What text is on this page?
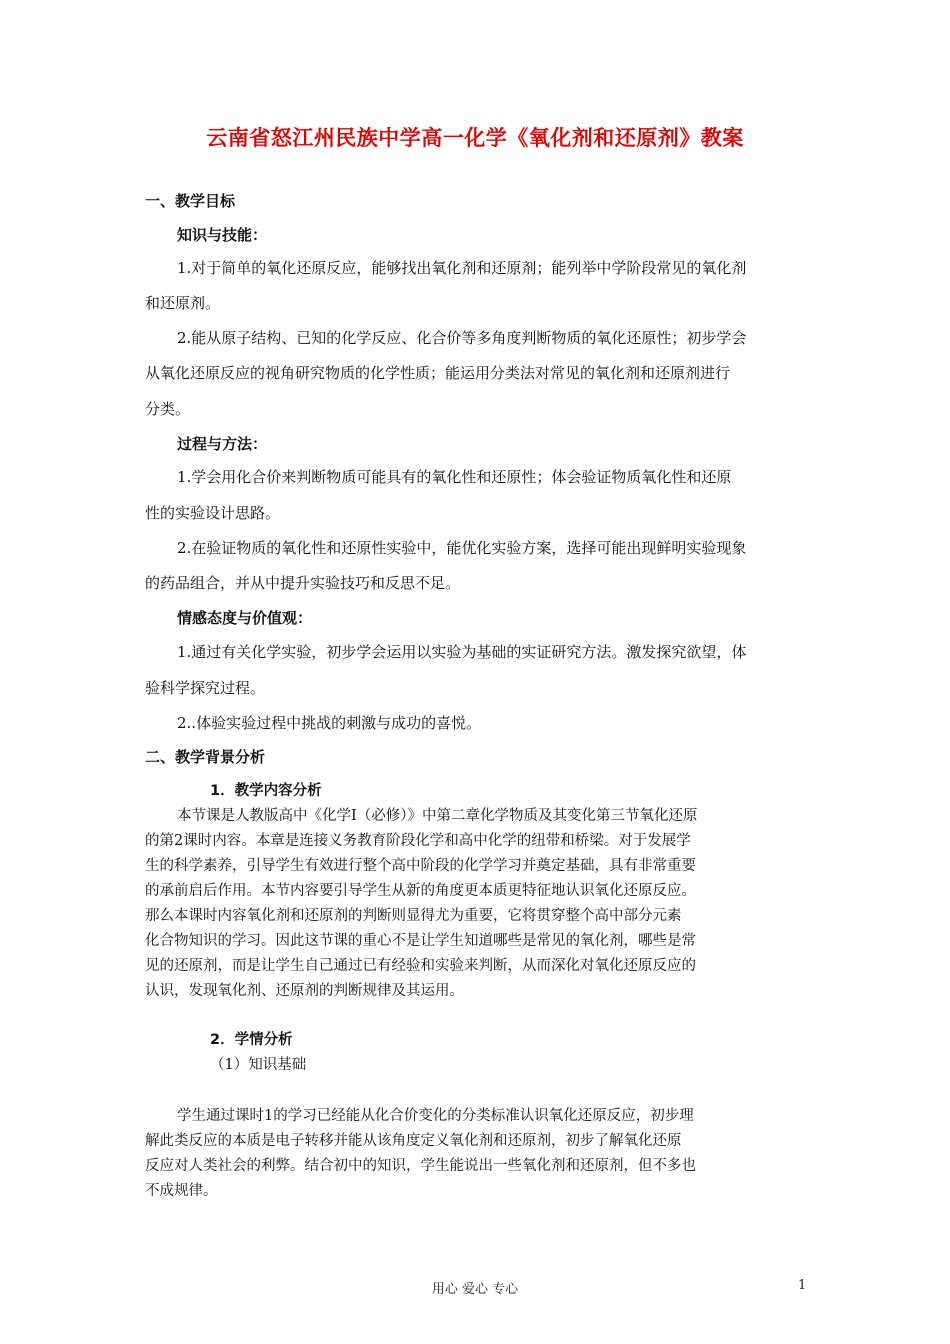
云南省怒江州民族中学高一化学《氧化剂和还原剂》教案
一、教学目标
知识与技能：
1.对于简单的氧化还原反应，能够找出氧化剂和还原剂；能列举中学阶段常见的氧化剂
和还原剂。
2.能从原子结构、已知的化学反应、化合价等多角度判断物质的氧化还原性；初步学会
从氧化还原反应的视角研究物质的化学性质；能运用分类法对常见的氧化剂和还原剂进行
分类。
过程与方法：
1.学会用化合价来判断物质可能具有的氧化性和还原性；体会验证物质氧化性和还原
性的实验设计思路。
2.在验证物质的氧化性和还原性实验中，能优化实验方案，选择可能出现鲜明实验现象
的药品组合，并从中提升实验技巧和反思不足。
情感态度与价值观：
1.通过有关化学实验，初步学会运用以实验为基础的实证研究方法。激发探究欲望，体
验科学探究过程。
2..体验实验过程中挑战的刺激与成功的喜悦。
二、教学背景分析
1．教学内容分析
本节课是人教版高中《化学Ⅰ（必修）》中第二章化学物质及其变化第三节氧化还原
的第2课时内容。本章是连接义务教育阶段化学和高中化学的纽带和桥梁。对于发展学
生的科学素养，引导学生有效进行整个高中阶段的化学学习并奠定基础，具有非常重要
的承前启后作用。本节内容要引导学生从新的角度更本质更特征地认识氧化还原反应。
那么本课时内容氧化剂和还原剂的判断则显得尤为重要，它将贯穿整个高中部分元素
化合物知识的学习。因此这节课的重心不是让学生知道哪些是常见的氧化剂，哪些是常
见的还原剂，而是让学生自己通过已有经验和实验来判断，从而深化对氧化还原反应的
认识，发现氧化剂、还原剂的判断规律及其运用。
2．学情分析
（1）知识基础
学生通过课时1的学习已经能从化合价变化的分类标准认识氧化还原反应，初步理
解此类反应的本质是电子转移并能从该角度定义氧化剂和还原剂，初步了解氧化还原
反应对人类社会的利弊。结合初中的知识，学生能说出一些氧化剂和还原剂，但不多也
不成规律。
用心 爱心 专心	1
